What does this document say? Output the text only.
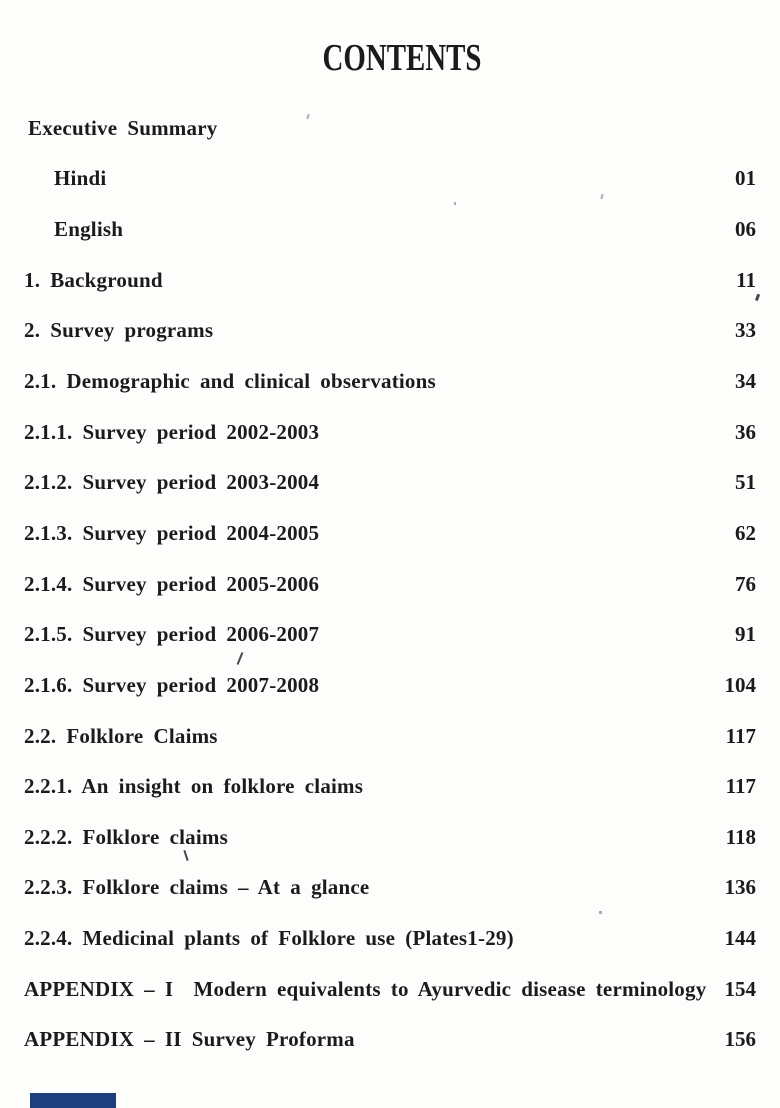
CONTENTS
Executive Summary
Hindi	01
English	06
1. Background	11
2. Survey programs	33
2.1. Demographic and clinical observations	34
2.1.1. Survey period 2002-2003	36
2.1.2. Survey period 2003-2004	51
2.1.3. Survey period 2004-2005	62
2.1.4. Survey period 2005-2006	76
2.1.5. Survey period 2006-2007	91
2.1.6. Survey period 2007-2008	104
2.2. Folklore Claims	117
2.2.1. An insight on folklore claims	117
2.2.2. Folklore claims	118
2.2.3. Folklore claims – At a glance	136
2.2.4. Medicinal plants of Folklore use (Plates1-29)	144
APPENDIX – I  Modern equivalents to Ayurvedic disease terminology 154
APPENDIX – II Survey Proforma	156
